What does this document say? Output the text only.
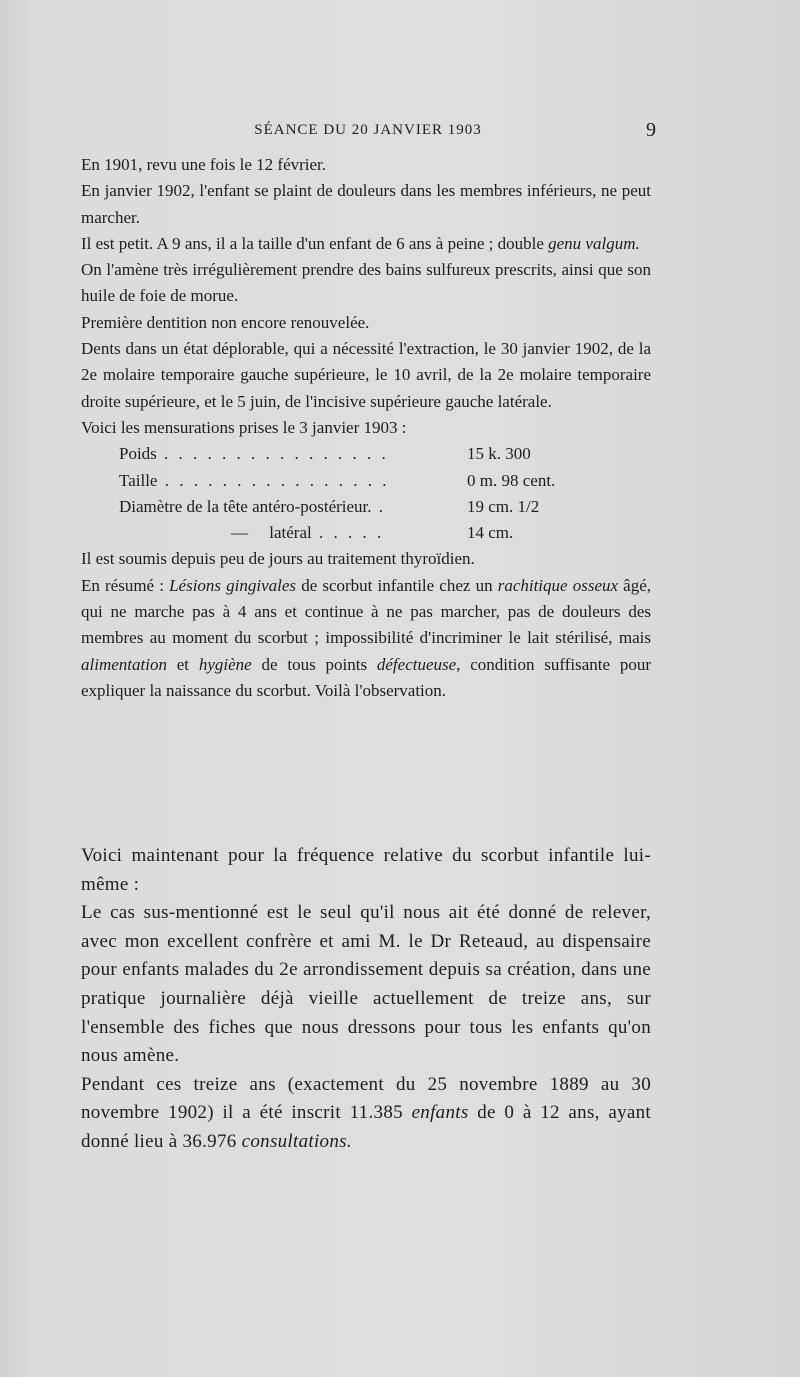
SÉANCE DU 20 JANVIER 1903	9

En 1901, revu une fois le 12 février.

En janvier 1902, l'enfant se plaint de douleurs dans les membres inférieurs, ne peut marcher.

Il est petit. A 9 ans, il a la taille d'un enfant de 6 ans à peine ; double genu valgum.

On l'amène très irrégulièrement prendre des bains sulfureux prescrits, ainsi que son huile de foie de morue.

Première dentition non encore renouvelée.

Dents dans un état déplorable, qui a nécessité l'extraction, le 30 janvier 1902, de la 2e molaire temporaire gauche supérieure, le 10 avril, de la 2e molaire temporaire droite supérieure, et le 5 juin, de l'incisive supérieure gauche latérale.

Voici les mensurations prises le 3 janvier 1903 :

Poids . . . . . . . . . . . . . . . .	15 k. 300
Taille . . . . . . . . . . . . . . . .	0 m. 98 cent.
Diamètre de la tête antéro-postérieur. .	19 cm. 1/2
—     latéral . . . . .	14 cm.

Il est soumis depuis peu de jours au traitement thyroïdien.

En résumé : Lésions gingivales de scorbut infantile chez un rachitique osseux âgé, qui ne marche pas à 4 ans et continue à ne pas marcher, pas de douleurs des membres au moment du scorbut ; impossibilité d'incriminer le lait stérilisé, mais alimentation et hygiène de tous points défectueuse, condition suffisante pour expliquer la naissance du scorbut. Voilà l'observation.

Voici maintenant pour la fréquence relative du scorbut infantile lui-même :

Le cas sus-mentionné est le seul qu'il nous ait été donné de relever, avec mon excellent confrère et ami M. le Dr Reteaud, au dispensaire pour enfants malades du 2e arrondissement depuis sa création, dans une pratique journalière déjà vieille actuellement de treize ans, sur l'ensemble des fiches que nous dressons pour tous les enfants qu'on nous amène.

Pendant ces treize ans (exactement du 25 novembre 1889 au 30 novembre 1902) il a été inscrit 11.385 enfants de 0 à 12 ans, ayant donné lieu à 36.976 consultations.
